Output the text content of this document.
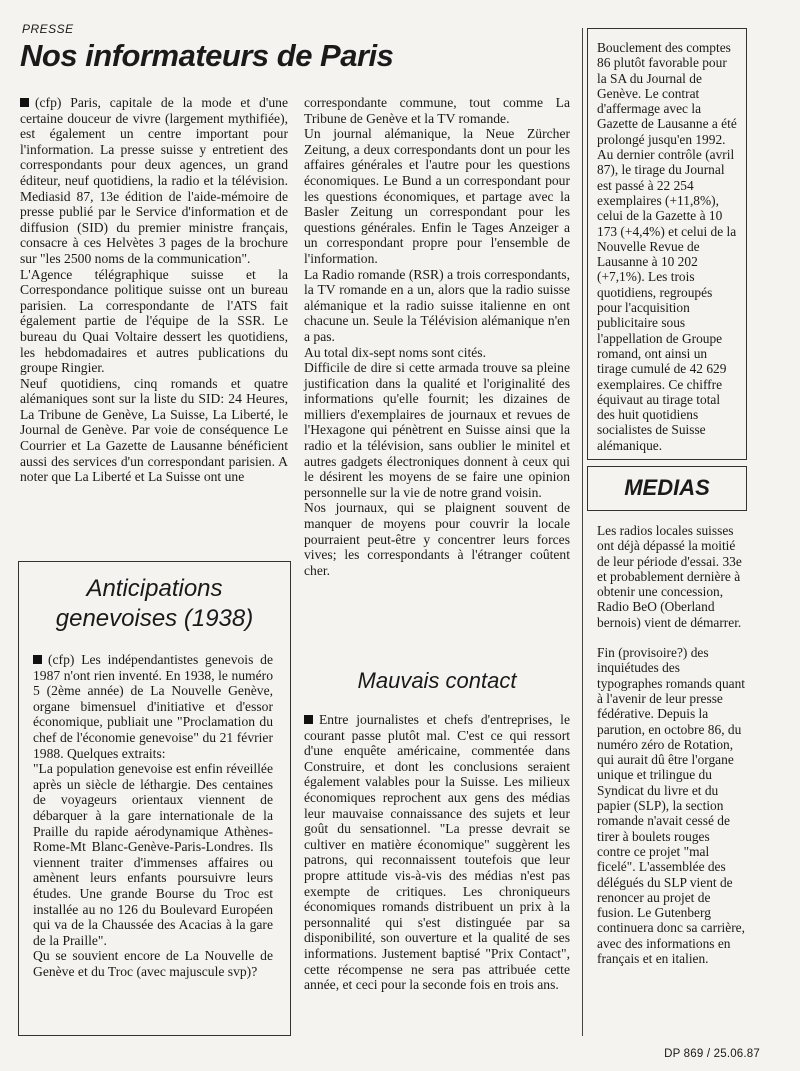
PRESSE
Nos informateurs de Paris

(cfp) Paris, capitale de la mode et d'une certaine douceur de vivre (largement mythifiée), est également un centre important pour l'information. La presse suisse y entretient des correspondants pour deux agences, un grand éditeur, neuf quotidiens, la radio et la télévision. Mediasid 87, 13e édition de l'aide-mémoire de presse publié par le Service d'information et de diffusion (SID) du premier ministre français, consacre à ces Helvètes 3 pages de la brochure sur "les 2500 noms de la communication".

L'Agence télégraphique suisse et la Correspondance politique suisse ont un bureau parisien. La correspondante de l'ATS fait également partie de l'équipe de la SSR. Le bureau du Quai Voltaire dessert les quotidiens, les hebdomadaires et autres publications du groupe Ringier.

Neuf quotidiens, cinq romands et quatre alémaniques sont sur la liste du SID: 24 Heures, La Tribune de Genève, La Suisse, La Liberté, le Journal de Genève. Par voie de conséquence Le Courrier et La Gazette de Lausanne bénéficient aussi des services d'un correspondant parisien. A noter que La Liberté et La Suisse ont une

correspondante commune, tout comme La Tribune de Genève et la TV romande.

Un journal alémanique, la Neue Zürcher Zeitung, a deux correspondants dont un pour les affaires générales et l'autre pour les questions économiques. Le Bund a un correspondant pour les questions économiques, et partage avec la Basler Zeitung un correspondant pour les questions générales. Enfin le Tages Anzeiger a un correspondant propre pour l'ensemble de l'information.

La Radio romande (RSR) a trois correspondants, la TV romande en a un, alors que la radio suisse alémanique et la radio suisse italienne en ont chacune un. Seule la Télévision alémanique n'en a pas.

Au total dix-sept noms sont cités.

Difficile de dire si cette armada trouve sa pleine justification dans la qualité et l'originalité des informations qu'elle fournit; les dizaines de milliers d'exemplaires de journaux et revues de l'Hexagone qui pénètrent en Suisse ainsi que la radio et la télévision, sans oublier le minitel et autres gadgets électroniques donnent à ceux qui le désirent les moyens de se faire une opinion personnelle sur la vie de notre grand voisin.

Nos journaux, qui se plaignent souvent de manquer de moyens pour couvrir la locale pourraient peut-être y concentrer leurs forces vives; les correspondants à l'étranger coûtent cher.

Anticipations
genevoises (1938)

(cfp) Les indépendantistes genevois de 1987 n'ont rien inventé. En 1938, le numéro 5 (2ème année) de La Nouvelle Genève, organe bimensuel d'initiative et d'essor économique, publiait une "Proclamation du chef de l'économie genevoise" du 21 février 1988. Quelques extraits:

"La population genevoise est enfin réveillée après un siècle de léthargie. Des centaines de voyageurs orientaux viennent de débarquer à la gare internationale de la Praille du rapide aérodynamique Athènes-Rome-Mt Blanc-Genève-Paris-Londres. Ils viennent traiter d'immenses affaires ou amènent leurs enfants poursuivre leurs études. Une grande Bourse du Troc est installée au no 126 du Boulevard Européen qui va de la Chaussée des Acacias à la gare de la Praille".

Qu se souvient encore de La Nouvelle de Genève et du Troc (avec majuscule svp)?

Mauvais contact

Entre journalistes et chefs d'entreprises, le courant passe plutôt mal. C'est ce qui ressort d'une enquête américaine, commentée dans Construire, et dont les conclusions seraient également valables pour la Suisse. Les milieux économiques reprochent aux gens des médias leur mauvaise connaissance des sujets et leur goût du sensationnel. "La presse devrait se cultiver en matière économique" suggèrent les patrons, qui reconnaissent toutefois que leur propre attitude vis-à-vis des médias n'est pas exempte de critiques. Les chroniqueurs économiques romands distribuent un prix à la personnalité qui s'est distinguée par sa disponibilité, son ouverture et la qualité de ses informations. Justement baptisé "Prix Contact", cette récompense ne sera pas attribuée cette année, et ceci pour la seconde fois en trois ans.

Bouclement des comptes 86 plutôt favorable pour la SA du Journal de Genève. Le contrat d'affermage avec la Gazette de Lausanne a été prolongé jusqu'en 1992. Au dernier contrôle (avril 87), le tirage du Journal est passé à 22 254 exemplaires (+11,8%), celui de la Gazette à 10 173 (+4,4%) et celui de la Nouvelle Revue de Lausanne à 10 202 (+7,1%). Les trois quotidiens, regroupés pour l'acquisition publicitaire sous l'appellation de Groupe romand, ont ainsi un tirage cumulé de 42 629 exemplaires. Ce chiffre équivaut au tirage total des huit quotidiens socialistes de Suisse alémanique.

MEDIAS

Les radios locales suisses ont déjà dépassé la moitié de leur période d'essai. 33e et probablement dernière à obtenir une concession, Radio BeO (Oberland bernois) vient de démarrer.

Fin (provisoire?) des inquiétudes des typographes romands quant à l'avenir de leur presse fédérative. Depuis la parution, en octobre 86, du numéro zéro de Rotation, qui aurait dû être l'organe unique et trilingue du Syndicat du livre et du papier (SLP), la section romande n'avait cessé de tirer à boulets rouges contre ce projet "mal ficelé". L'assemblée des délégués du SLP vient de renoncer au projet de fusion. Le Gutenberg continuera donc sa carrière, avec des informations en français et en italien.

DP 869 / 25.06.87
